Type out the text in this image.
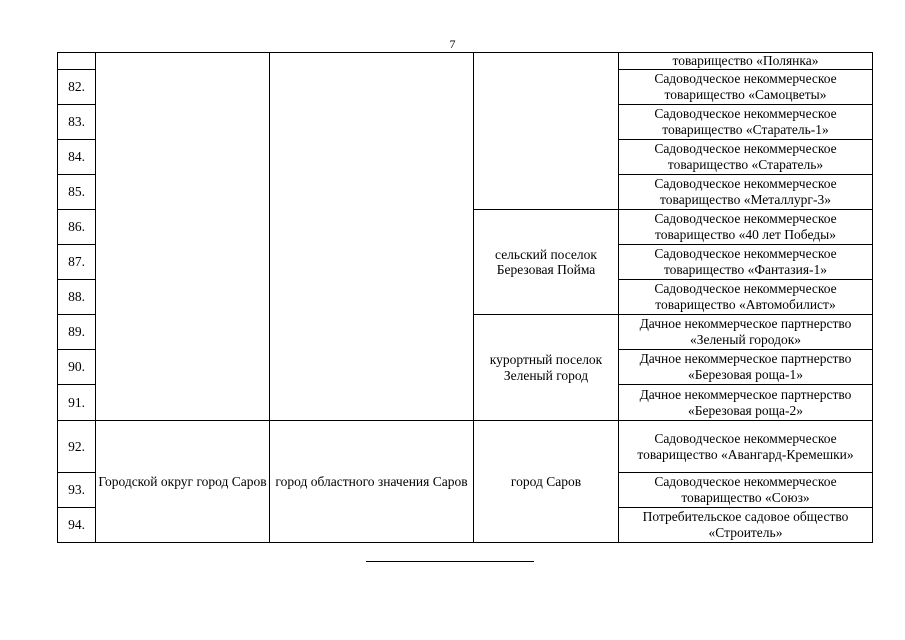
7
				товарищество «Полянка»
82.				Садоводческое некоммерческое товарищество «Самоцветы»
83.				Садоводческое некоммерческое товарищество «Старатель-1»
84.				Садоводческое некоммерческое товарищество «Старатель»
85.				Садоводческое некоммерческое товарищество «Металлург-3»
86.			сельский поселок Березовая Пойма	Садоводческое некоммерческое товарищество «40 лет Победы»
87.				Садоводческое некоммерческое товарищество «Фантазия-1»
88.				Садоводческое некоммерческое товарищество «Автомобилист»
89.			курортный поселок Зеленый город	Дачное некоммерческое партнерство «Зеленый городок»
90.				Дачное некоммерческое партнерство «Березовая роща-1»
91.				Дачное некоммерческое партнерство «Березовая роща-2»
92.	Городской округ город Саров	город областного значения Саров	город Саров	Садоводческое некоммерческое товарищество «Авангард-Кремешки»
93.				Садоводческое некоммерческое товарищество «Союз»
94.				Потребительское садовое общество «Строитель»
